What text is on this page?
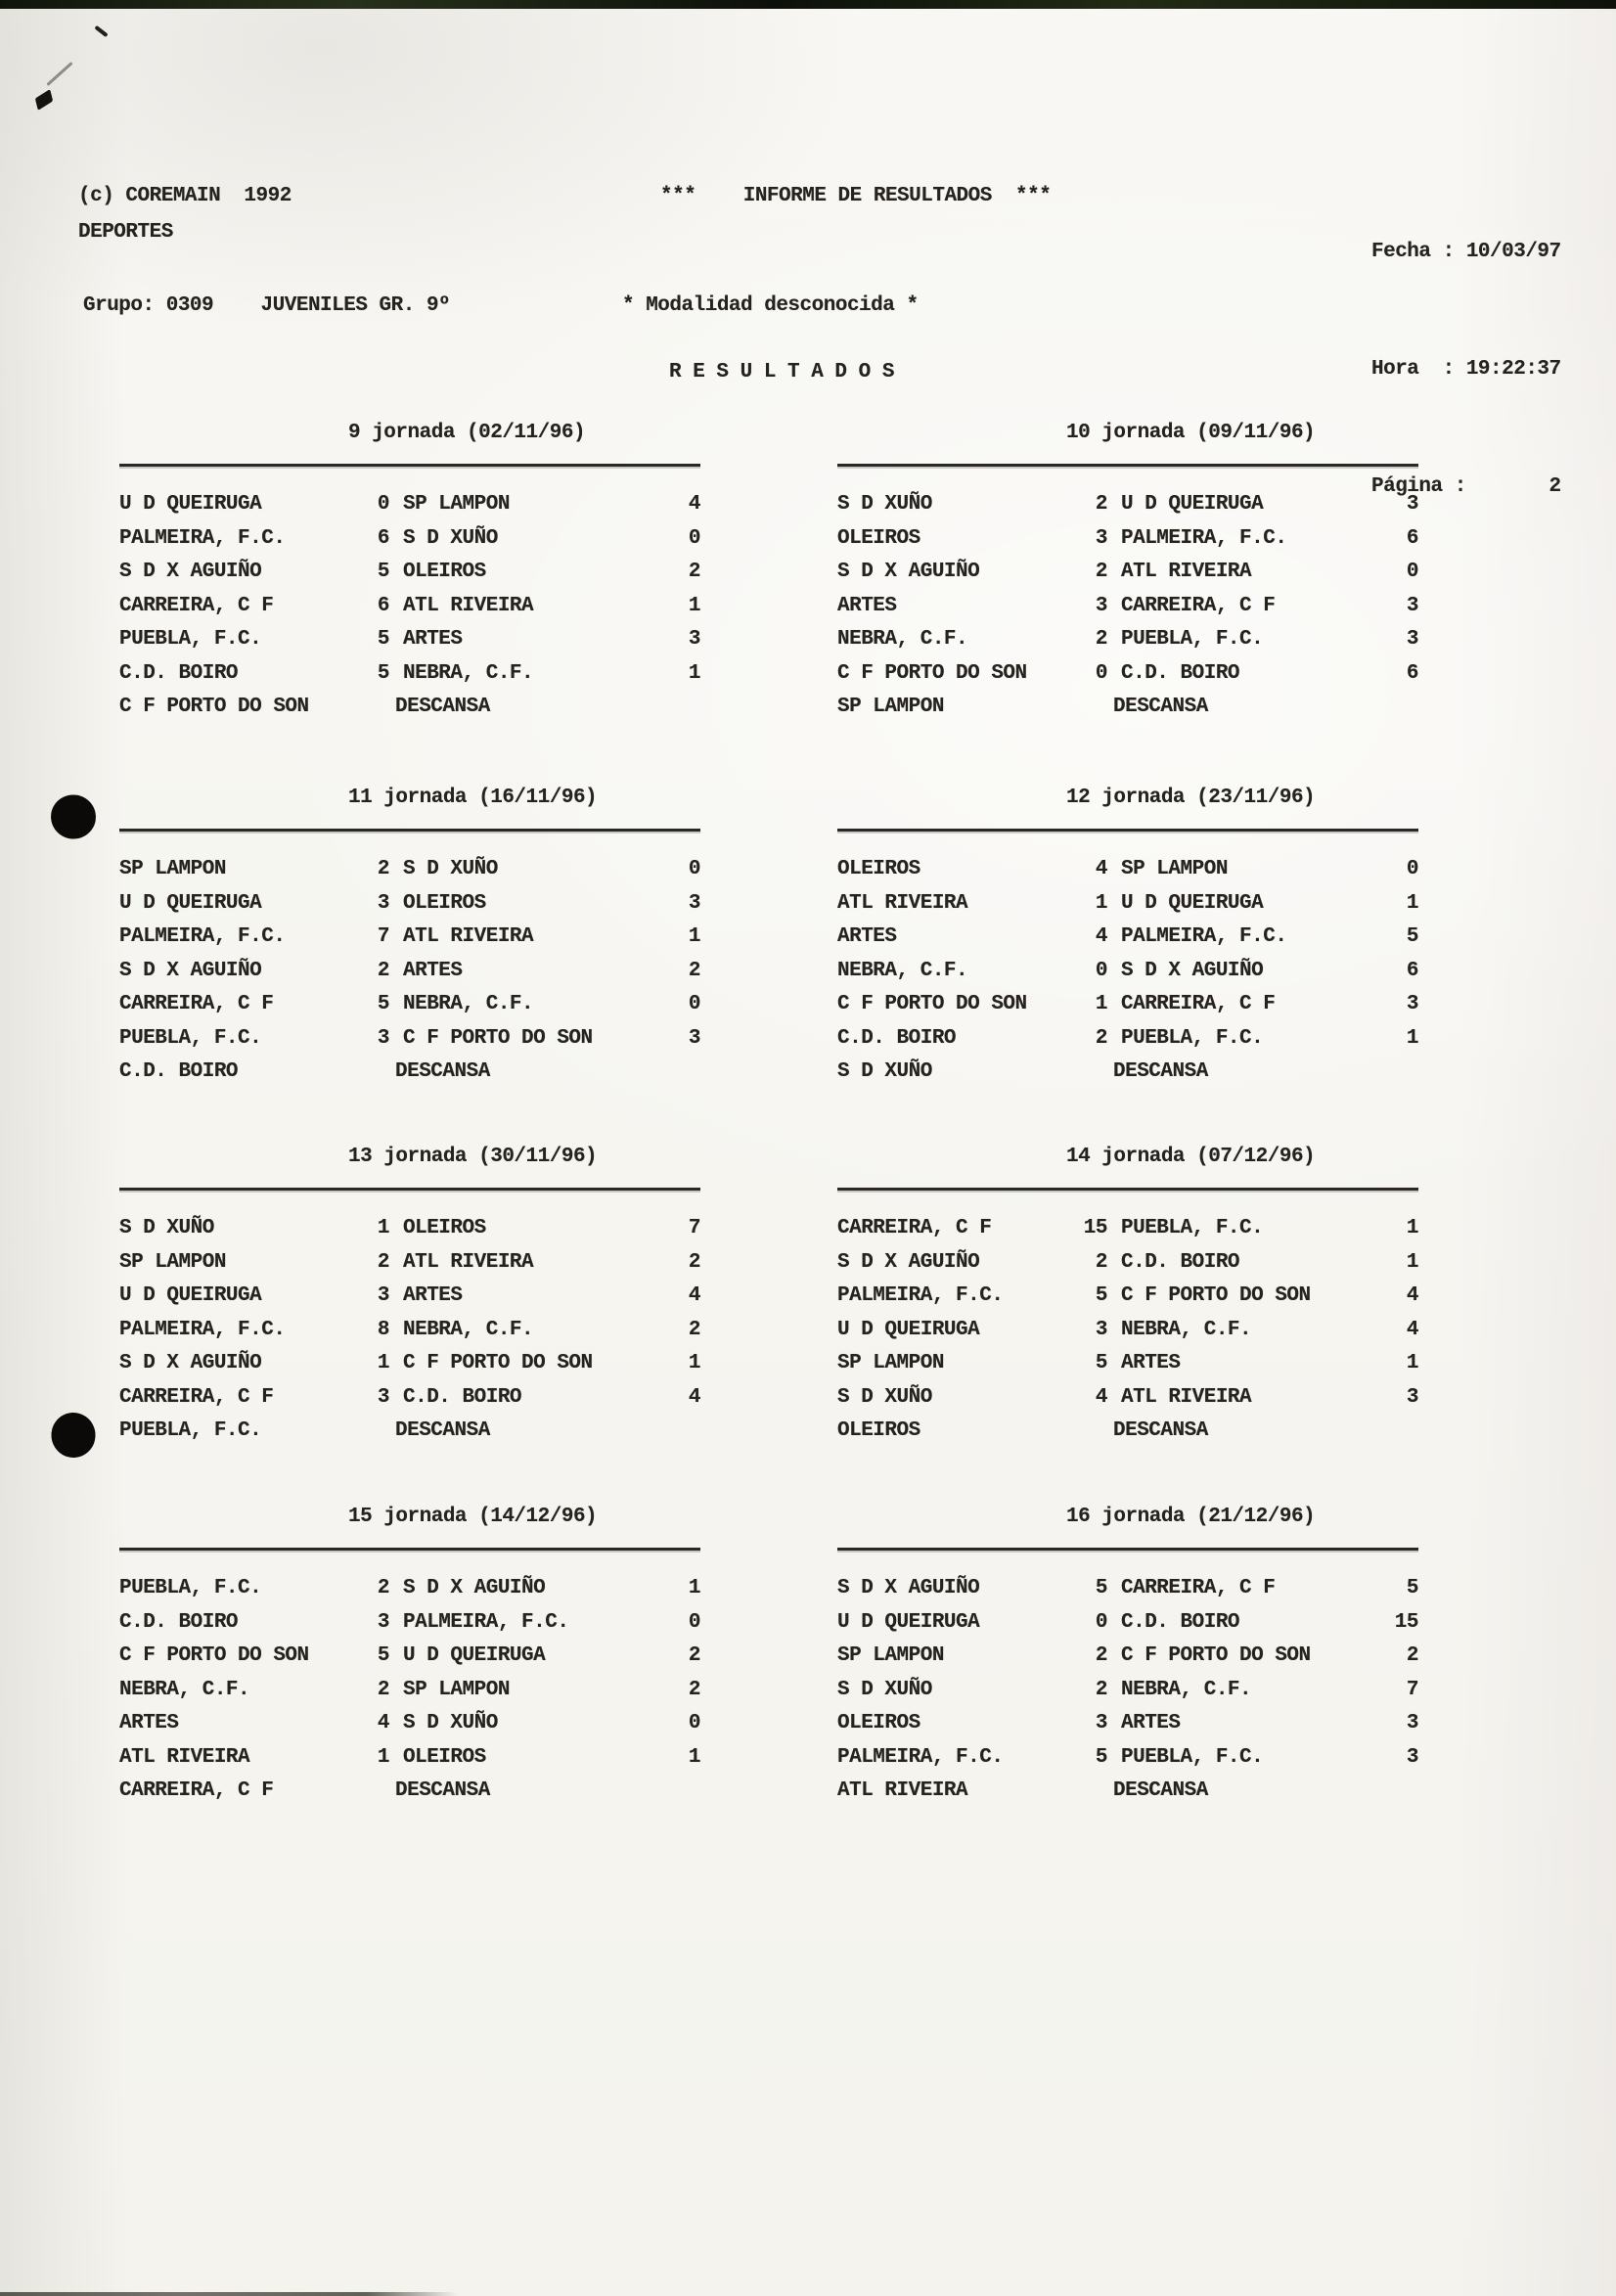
(c) COREMAIN  1992
DEPORTES
***    INFORME DE RESULTADOS  ***

Fecha : 10/03/97

Hora  : 19:22:37

Página :       2

Grupo: 0309    JUVENILES GR. 9º	* Modalidad desconocida *
R E S U L T A D O S
9 jornada (02/11/96)
U D QUEIRUGA	0 SP LAMPON	4
PALMEIRA, F.C.	6 S D XUÑO	0
S D X AGUIÑO	5 OLEIROS	2
CARREIRA, C F	6 ATL RIVEIRA	1
PUEBLA, F.C.	5 ARTES	3
C.D. BOIRO	5 NEBRA, C.F.	1
C F PORTO DO SON	DESCANSA
10 jornada (09/11/96)
S D XUÑO	2 U D QUEIRUGA	3
OLEIROS	3 PALMEIRA, F.C.	6
S D X AGUIÑO	2 ATL RIVEIRA	0
ARTES	3 CARREIRA, C F	3
NEBRA, C.F.	2 PUEBLA, F.C.	3
C F PORTO DO SON	0 C.D. BOIRO	6
SP LAMPON	DESCANSA
11 jornada (16/11/96)
SP LAMPON	2 S D XUÑO	0
U D QUEIRUGA	3 OLEIROS	3
PALMEIRA, F.C.	7 ATL RIVEIRA	1
S D X AGUIÑO	2 ARTES	2
CARREIRA, C F	5 NEBRA, C.F.	0
PUEBLA, F.C.	3 C F PORTO DO SON	3
C.D. BOIRO	DESCANSA
12 jornada (23/11/96)
OLEIROS	4 SP LAMPON	0
ATL RIVEIRA	1 U D QUEIRUGA	1
ARTES	4 PALMEIRA, F.C.	5
NEBRA, C.F.	0 S D X AGUIÑO	6
C F PORTO DO SON	1 CARREIRA, C F	3
C.D. BOIRO	2 PUEBLA, F.C.	1
S D XUÑO	DESCANSA
13 jornada (30/11/96)
S D XUÑO	1 OLEIROS	7
SP LAMPON	2 ATL RIVEIRA	2
U D QUEIRUGA	3 ARTES	4
PALMEIRA, F.C.	8 NEBRA, C.F.	2
S D X AGUIÑO	1 C F PORTO DO SON	1
CARREIRA, C F	3 C.D. BOIRO	4
PUEBLA, F.C.	DESCANSA
14 jornada (07/12/96)
CARREIRA, C F	15 PUEBLA, F.C.	1
S D X AGUIÑO	2 C.D. BOIRO	1
PALMEIRA, F.C.	5 C F PORTO DO SON	4
U D QUEIRUGA	3 NEBRA, C.F.	4
SP LAMPON	5 ARTES	1
S D XUÑO	4 ATL RIVEIRA	3
OLEIROS	DESCANSA
15 jornada (14/12/96)
PUEBLA, F.C.	2 S D X AGUIÑO	1
C.D. BOIRO	3 PALMEIRA, F.C.	0
C F PORTO DO SON	5 U D QUEIRUGA	2
NEBRA, C.F.	2 SP LAMPON	2
ARTES	4 S D XUÑO	0
ATL RIVEIRA	1 OLEIROS	1
CARREIRA, C F	DESCANSA
16 jornada (21/12/96)
S D X AGUIÑO	5 CARREIRA, C F	5
U D QUEIRUGA	0 C.D. BOIRO	15
SP LAMPON	2 C F PORTO DO SON	2
S D XUÑO	2 NEBRA, C.F.	7
OLEIROS	3 ARTES	3
PALMEIRA, F.C.	5 PUEBLA, F.C.	3
ATL RIVEIRA	DESCANSA
